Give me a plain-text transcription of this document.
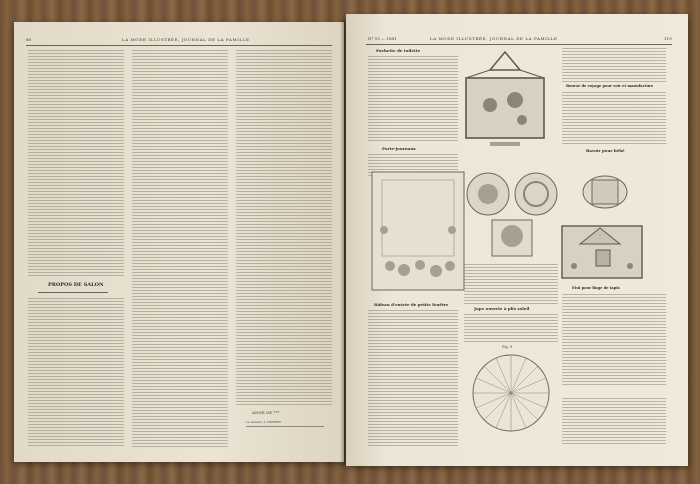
80	LA MODE ILLUSTRÉE, JOURNAL DE LA FAMILLE
PROPOS DE SALON
ANNE DE ***
Le Gérant: A. HUBERT.
N° 15 — 1881	LA MODE ILLUSTRÉE, JOURNAL DE LA FAMILLE	119
Pochette de toilette
Porte-journaux
Jupe ouverte à plis soleil
Fig. 9
Rideau d'entrée de petite fenêtre
Bourse de voyage pour voir et manufacture
Bavoir pour bébé
Etui pour linge de tapis
